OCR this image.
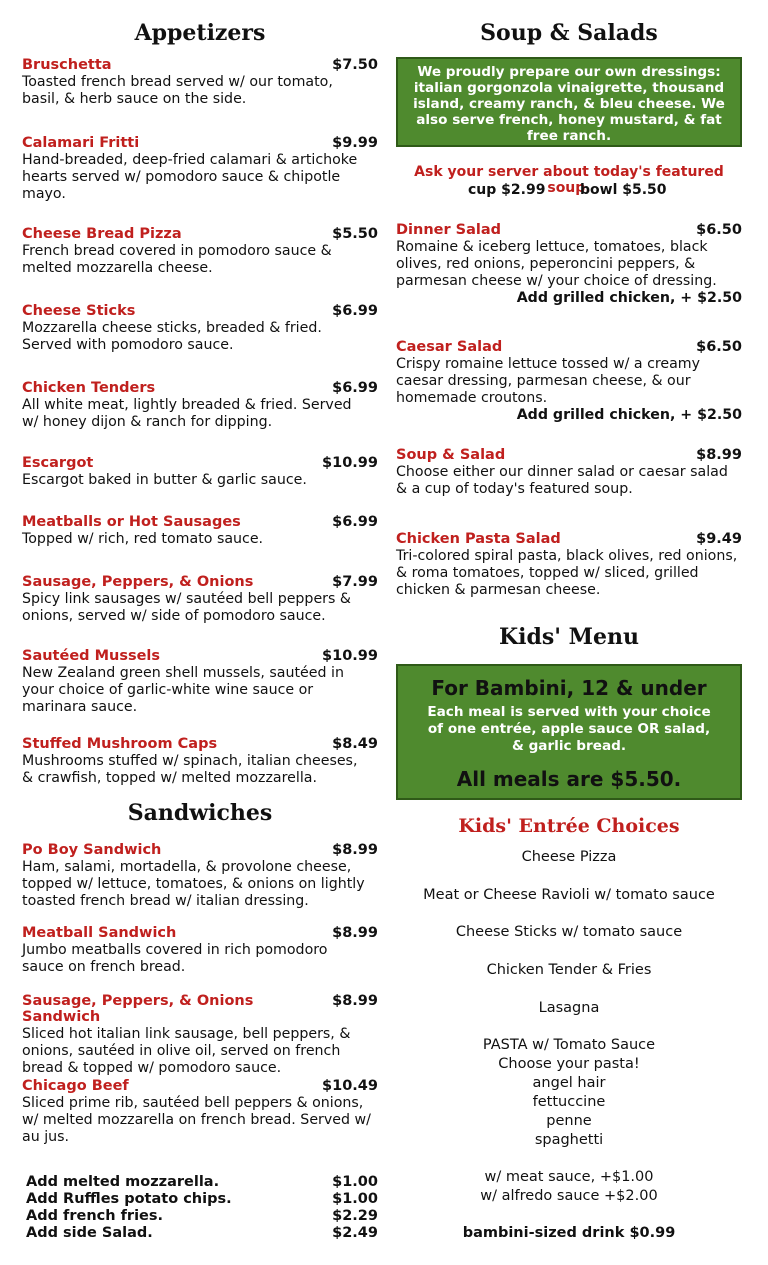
Appetizers
Bruschetta	$7.50
Toasted french bread served w/ our tomato, basil, & herb sauce on the side.
Calamari Fritti	$9.99
Hand-breaded, deep-fried calamari & artichoke hearts served w/ pomodoro sauce & chipotle mayo.
Cheese Bread Pizza	$5.50
French bread covered in pomodoro sauce & melted mozzarella cheese.
Cheese Sticks	$6.99
Mozzarella cheese sticks, breaded & fried. Served with pomodoro sauce.
Chicken Tenders	$6.99
All white meat, lightly breaded & fried. Served w/ honey dijon & ranch for dipping.
Escargot	$10.99
Escargot baked in butter & garlic sauce.
Meatballs or Hot Sausages	$6.99
Topped w/ rich, red tomato sauce.
Sausage, Peppers, & Onions	$7.99
Spicy link sausages w/ sautéed bell peppers & onions, served w/ side of pomodoro sauce.
Sautéed Mussels	$10.99
New Zealand green shell mussels, sautéed in your choice of garlic-white wine sauce or marinara sauce.
Stuffed Mushroom Caps	$8.49
Mushrooms stuffed w/ spinach, italian cheeses, & crawfish, topped w/ melted mozzarella.
Sandwiches
Po Boy Sandwich	$8.99
Ham, salami, mortadella, & provolone cheese, topped w/ lettuce, tomatoes, & onions on lightly toasted french bread w/ italian dressing.
Meatball Sandwich	$8.99
Jumbo meatballs covered in rich pomodoro sauce on french bread.
Sausage, Peppers, & Onions Sandwich
$8.99
Sliced hot italian link sausage, bell peppers, & onions, sautéed in olive oil, served on french bread & topped w/ pomodoro sauce.
Chicago Beef	$10.49
Sliced prime rib, sautéed bell peppers & onions, w/ melted mozzarella on french bread. Served w/ au jus.
Add melted mozzarella.	$1.00
Add Ruffles potato chips.	$1.00
Add french fries.	$2.29
Add side Salad.	$2.49
Soup & Salads
We proudly prepare our own dressings: italian gorgonzola vinaigrette, thousand island, creamy ranch, & bleu cheese. We also serve french, honey mustard, & fat free ranch.
Ask your server about today's featured soup.
cup $2.99 bowl $5.50
Dinner Salad	$6.50
Romaine & iceberg lettuce, tomatoes, black olives, red onions, peperoncini peppers, & parmesan cheese w/ your choice of dressing.
Add grilled chicken, + $2.50
Caesar Salad	$6.50
Crispy romaine lettuce tossed w/ a creamy caesar dressing, parmesan cheese, & our homemade croutons.
Add grilled chicken, + $2.50
Soup & Salad	$8.99
Choose either our dinner salad or caesar salad & a cup of today's featured soup.
Chicken Pasta Salad	$9.49
Tri-colored spiral pasta, black olives, red onions, & roma tomatoes, topped w/ sliced, grilled chicken & parmesan cheese.
Kids' Menu
For Bambini, 12 & under
Each meal is served with your choice of one entrée, apple sauce OR salad, & garlic bread.
All meals are $5.50.
Kids' Entrée Choices
Cheese Pizza
Meat or Cheese Ravioli w/ tomato sauce
Cheese Sticks w/ tomato sauce
Chicken Tender & Fries
Lasagna
PASTA w/ Tomato Sauce
Choose your pasta!
angel hair
fettuccine
penne
spaghetti
w/ meat sauce, +$1.00
w/ alfredo sauce +$2.00
bambini-sized drink $0.99
